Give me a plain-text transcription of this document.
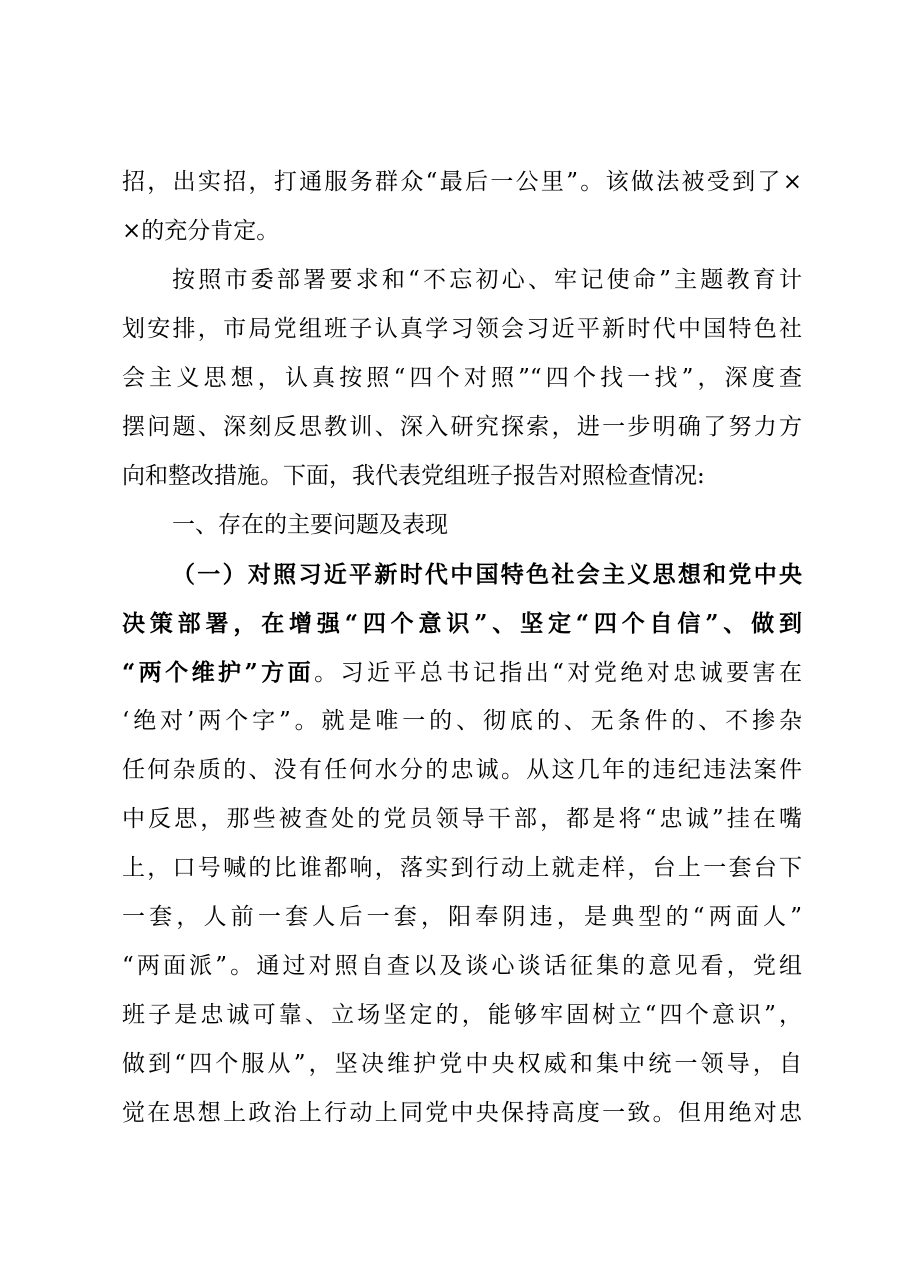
招，出实招，打通服务群众“最后一公里”。该做法被受到了×
×的充分肯定。
按照市委部署要求和“不忘初心、牢记使命”主题教育计
划安排，市局党组班子认真学习领会习近平新时代中国特色社
会主义思想，认真按照“四个对照”“四个找一找”，深度查
摆问题、深刻反思教训、深入研究探索，进一步明确了努力方
向和整改措施。下面，我代表党组班子报告对照检查情况:
一、存在的主要问题及表现
（一）对照习近平新时代中国特色社会主义思想和党中央
决策部署，在增强“四个意识”、坚定“四个自信”、做到
“两个维护”方面。习近平总书记指出“对党绝对忠诚要害在
‘绝对’两个字”。就是唯一的、彻底的、无条件的、不掺杂
任何杂质的、没有任何水分的忠诚。从这几年的违纪违法案件
中反思，那些被查处的党员领导干部，都是将“忠诚”挂在嘴
上，口号喊的比谁都响，落实到行动上就走样，台上一套台下
一套，人前一套人后一套，阳奉阴违，是典型的“两面人”
“两面派”。通过对照自查以及谈心谈话征集的意见看，党组
班子是忠诚可靠、立场坚定的，能够牢固树立“四个意识”，
做到“四个服从”，坚决维护党中央权威和集中统一领导，自
觉在思想上政治上行动上同党中央保持高度一致。但用绝对忠
